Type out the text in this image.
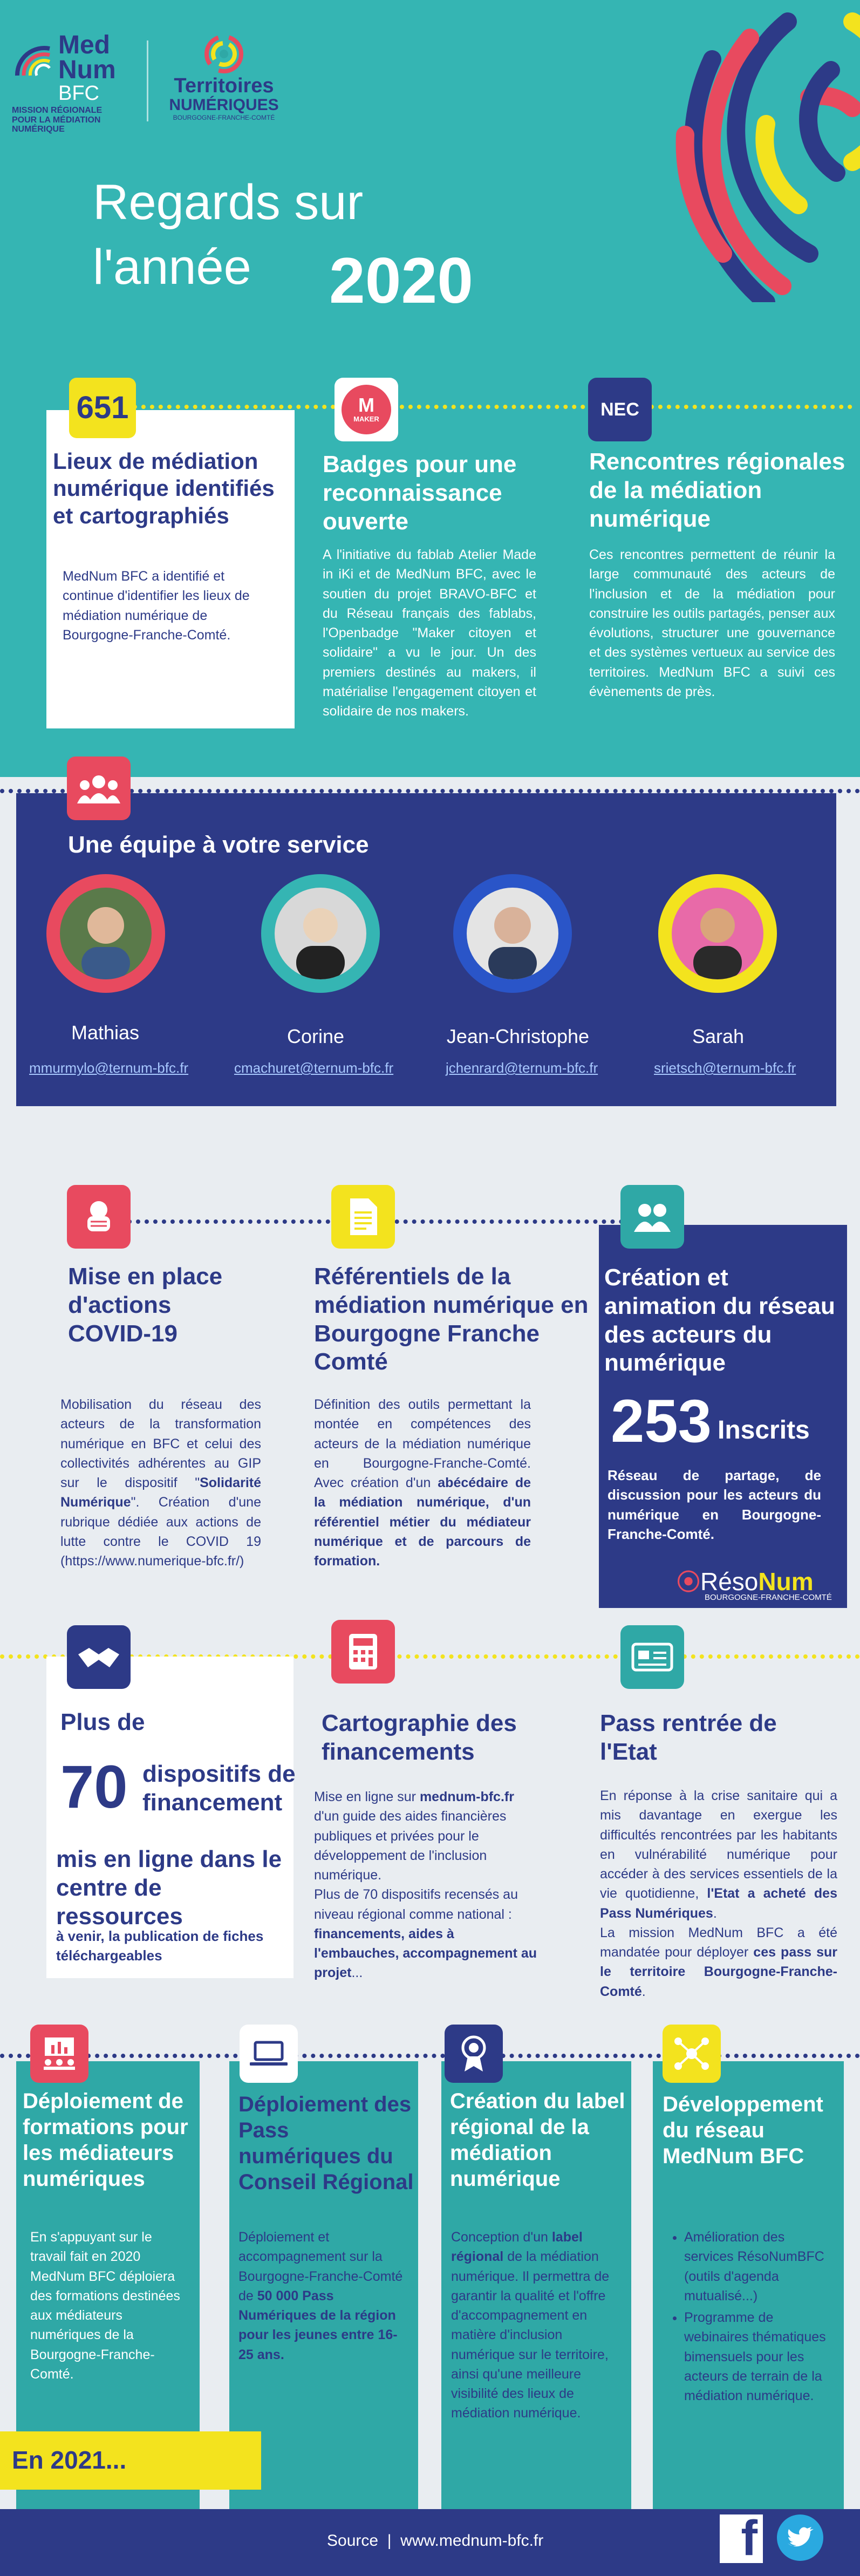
Med
Num
BFC
MISSION RÉGIONALE
POUR LA MÉDIATION
NUMÉRIQUE
Territoires
NUMÉRIQUES
BOURGOGNE-FRANCHE-COMTÉ
Regards sur
l'année 2020
651
Lieux de médiation numérique identifiés et cartographiés
MedNum BFC a identifié et continue d'identifier les lieux de médiation numérique de Bourgogne-Franche-Comté.
M
MAKER
Badges pour une reconnaissance ouverte
A l'initiative du fablab Atelier Made in iKi et de MedNum BFC, avec le soutien du projet BRAVO-BFC et du Réseau français des fablabs, l'Openbadge "Maker citoyen et solidaire" a vu le jour. Un des premiers destinés au makers, il matérialise l'engagement citoyen et solidaire de nos makers.
NEC
Rencontres régionales de la médiation numérique
Ces rencontres permettent de réunir la large communauté des acteurs de l'inclusion et de la médiation pour construire les outils partagés, penser aux évolutions, structurer une gouvernance et des systèmes vertueux au service des territoires. MedNum BFC a suivi ces évènements de près.
Une équipe à votre service
Mathias	Corine	Jean-Christophe	Sarah
mmurmylo@ternum-bfc.fr	cmachuret@ternum-bfc.fr	jchenrard@ternum-bfc.fr	srietsch@ternum-bfc.fr
Mise en place d'actions COVID-19
Mobilisation du réseau des acteurs de la transformation numérique en BFC et celui des collectivités adhérentes au GIP sur le dispositif "Solidarité Numérique". Création d'une rubrique dédiée aux actions de lutte contre le COVID 19 (https://www.numerique-bfc.fr/)
Référentiels de la médiation numérique en Bourgogne Franche Comté
Définition des outils permettant la montée en compétences des acteurs de la médiation numérique en Bourgogne-Franche-Comté. Avec création d'un abécédaire de la médiation numérique, d'un référentiel métier du médiateur numérique et de parcours de formation.
Création et animation du réseau des acteurs du numérique
253 Inscrits
Réseau de partage, de discussion pour les acteurs du numérique en Bourgogne-Franche-Comté.
⦿RésoNum
BOURGOGNE-FRANCHE-COMTÉ
Plus de
70 dispositifs de financement
mis en ligne dans le centre de ressources
à venir, la publication de fiches téléchargeables
Cartographie des financements
Mise en ligne sur mednum-bfc.fr d'un guide des aides financières publiques et privées pour le développement de l'inclusion numérique.
Plus de 70 dispositifs recensés au niveau régional comme national : financements, aides à l'embauches, accompagnement au projet...
Pass rentrée de l'Etat
En réponse à la crise sanitaire qui a mis davantage en exergue les difficultés rencontrées par les habitants en vulnérabilité numérique pour accéder à des services essentiels de la vie quotidienne, l'Etat a acheté des Pass Numériques.
La mission MedNum BFC a été mandatée pour déployer ces pass sur le territoire Bourgogne-Franche-Comté.
Déploiement de formations pour les médiateurs numériques
En s'appuyant sur le travail fait en 2020 MedNum BFC déploiera des formations destinées aux médiateurs numériques de la Bourgogne-Franche-Comté.
Déploiement des Pass numériques du Conseil Régional
Déploiement et accompagnement sur la Bourgogne-Franche-Comté de 50 000 Pass Numériques de la région pour les jeunes entre 16-25 ans.
Création du label régional de la médiation numérique
Conception d'un label régional de la médiation numérique. Il permettra de garantir la qualité et l'offre d'accompagnement en matière d'inclusion numérique sur le territoire, ainsi qu'une meilleure visibilité des lieux de médiation numérique.
Développement du réseau MedNum BFC
• Amélioration des services RésoNumBFC (outils d'agenda mutualisé...)
• Programme de webinaires thématiques bimensuels pour les acteurs de terrain de la médiation numérique.
En 2021...
Source  |  www.mednum-bfc.fr	f
